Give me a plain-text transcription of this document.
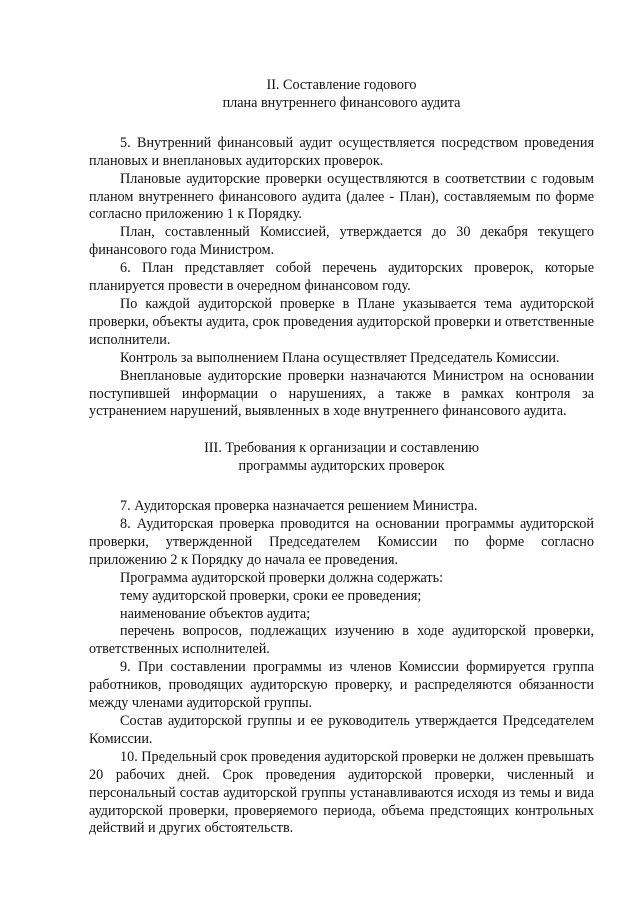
II. Составление годового
плана внутреннего финансового аудита

5. Внутренний финансовый аудит осуществляется посредством проведения плановых и внеплановых аудиторских проверок.

Плановые аудиторские проверки осуществляются в соответствии с годовым планом внутреннего финансового аудита (далее - План), составляемым по форме согласно приложению 1 к Порядку.

План, составленный Комиссией, утверждается до 30 декабря текущего финансового года Министром.

6. План представляет собой перечень аудиторских проверок, которые планируется провести в очередном финансовом году.

По каждой аудиторской проверке в Плане указывается тема аудиторской проверки, объекты аудита, срок проведения аудиторской проверки и ответственные исполнители.

Контроль за выполнением Плана осуществляет Председатель Комиссии.

Внеплановые аудиторские проверки назначаются Министром на основании поступившей информации о нарушениях, а также в рамках контроля за устранением нарушений, выявленных в ходе внутреннего финансового аудита.

III. Требования к организации и составлению
программы аудиторских проверок

7. Аудиторская проверка назначается решением Министра.

8. Аудиторская проверка проводится на основании программы аудиторской проверки, утвержденной Председателем Комиссии по форме согласно приложению 2 к Порядку до начала ее проведения.

Программа аудиторской проверки должна содержать:

тему аудиторской проверки, сроки ее проведения;

наименование объектов аудита;

перечень вопросов, подлежащих изучению в ходе аудиторской проверки, ответственных исполнителей.

9. При составлении программы из членов Комиссии формируется группа работников, проводящих аудиторскую проверку, и распределяются обязанности между членами аудиторской группы.

Состав аудиторской группы и ее руководитель утверждается Председателем Комиссии.

10. Предельный срок проведения аудиторской проверки не должен превышать 20 рабочих дней. Срок проведения аудиторской проверки, численный и персональный состав аудиторской группы устанавливаются исходя из темы и вида аудиторской проверки, проверяемого периода, объема предстоящих контрольных действий и других обстоятельств.
